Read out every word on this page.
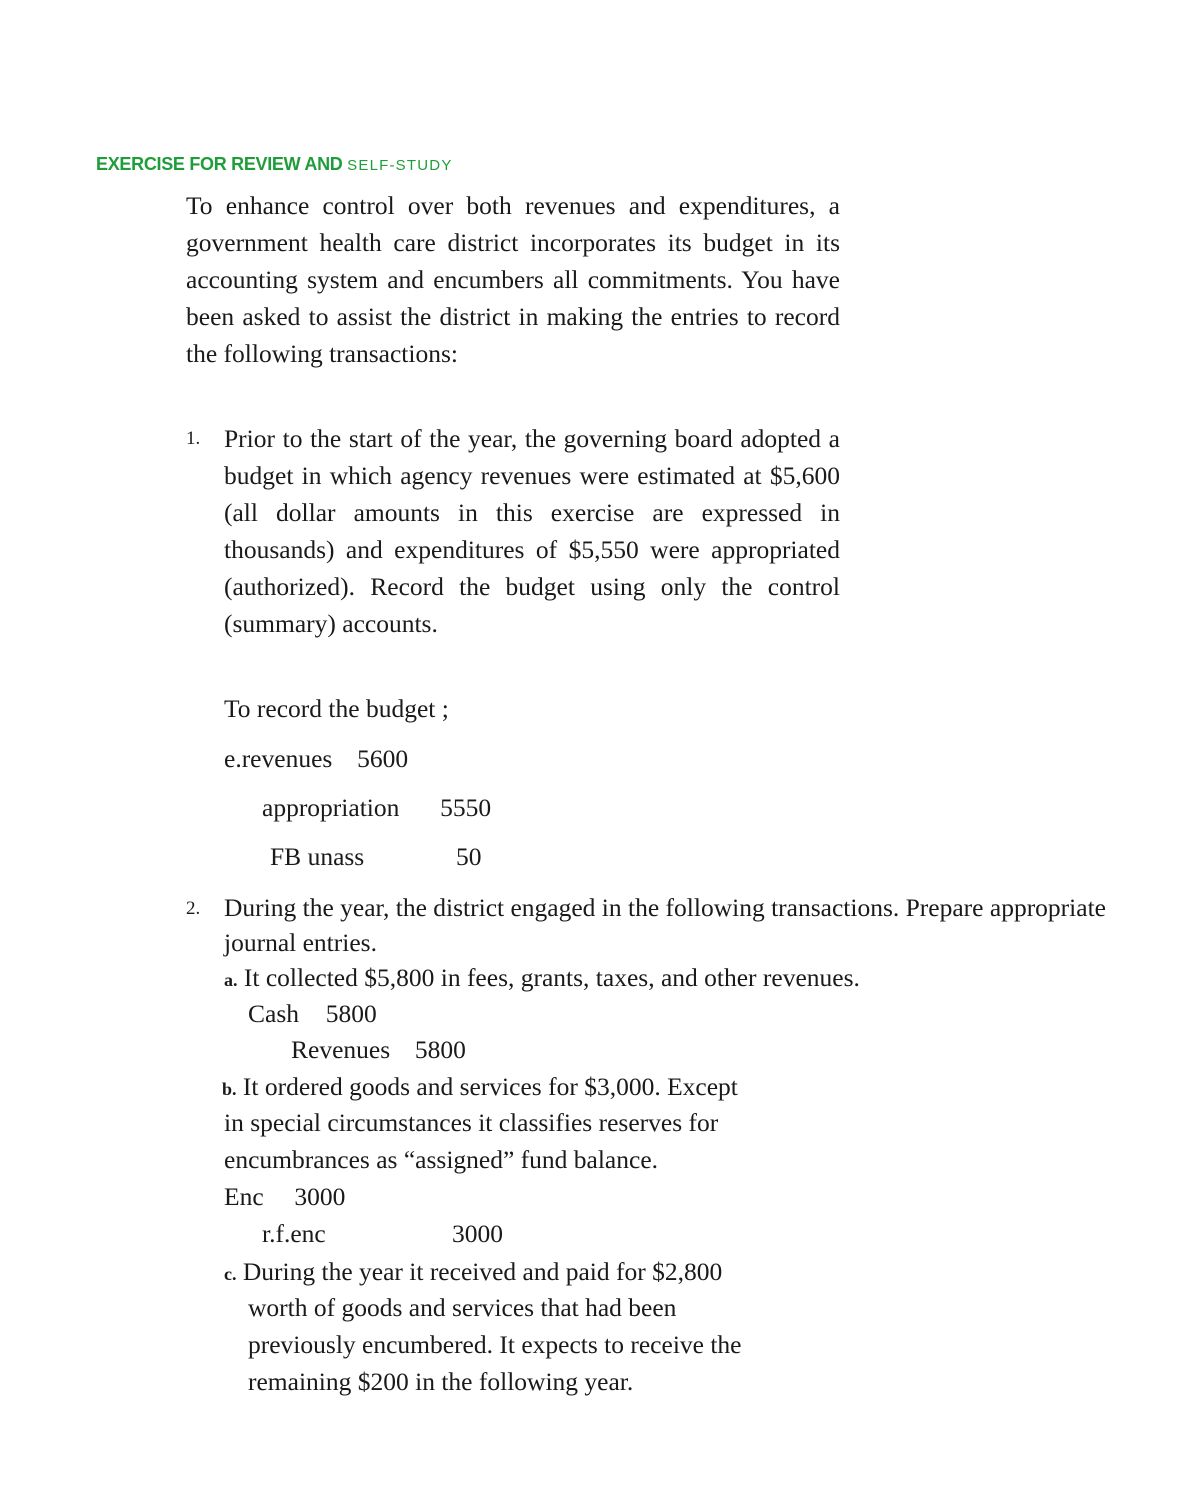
EXERCISE FOR REVIEW AND SELF-STUDY

To enhance control over both revenues and expenditures, a government health care district incorporates its budget in its accounting system and encumbers all commitments. You have been asked to assist the district in making the entries to record the following transactions:

1. Prior to the start of the year, the governing board adopted a budget in which agency revenues were estimated at $5,600 (all dollar amounts in this exercise are expressed in thousands) and expenditures of $5,550 were appropriated (authorized). Record the budget using only the control (summary) accounts.
To record the budget ;
e.revenues 5600
appropriation 5550
FB unass	50
2. During the year, the district engaged in the following transactions. Prepare appropriate journal entries.
a. It collected $5,800 in fees, grants, taxes, and other revenues.
Cash 5800
Revenues 5800
b. It ordered goods and services for $3,000. Except
in special circumstances it classifies reserves for
encumbrances as “assigned” fund balance.
Enc 3000
r.f.enc	3000
c. During the year it received and paid for $2,800
worth of goods and services that had been
previously encumbered. It expects to receive the
remaining $200 in the following year.
